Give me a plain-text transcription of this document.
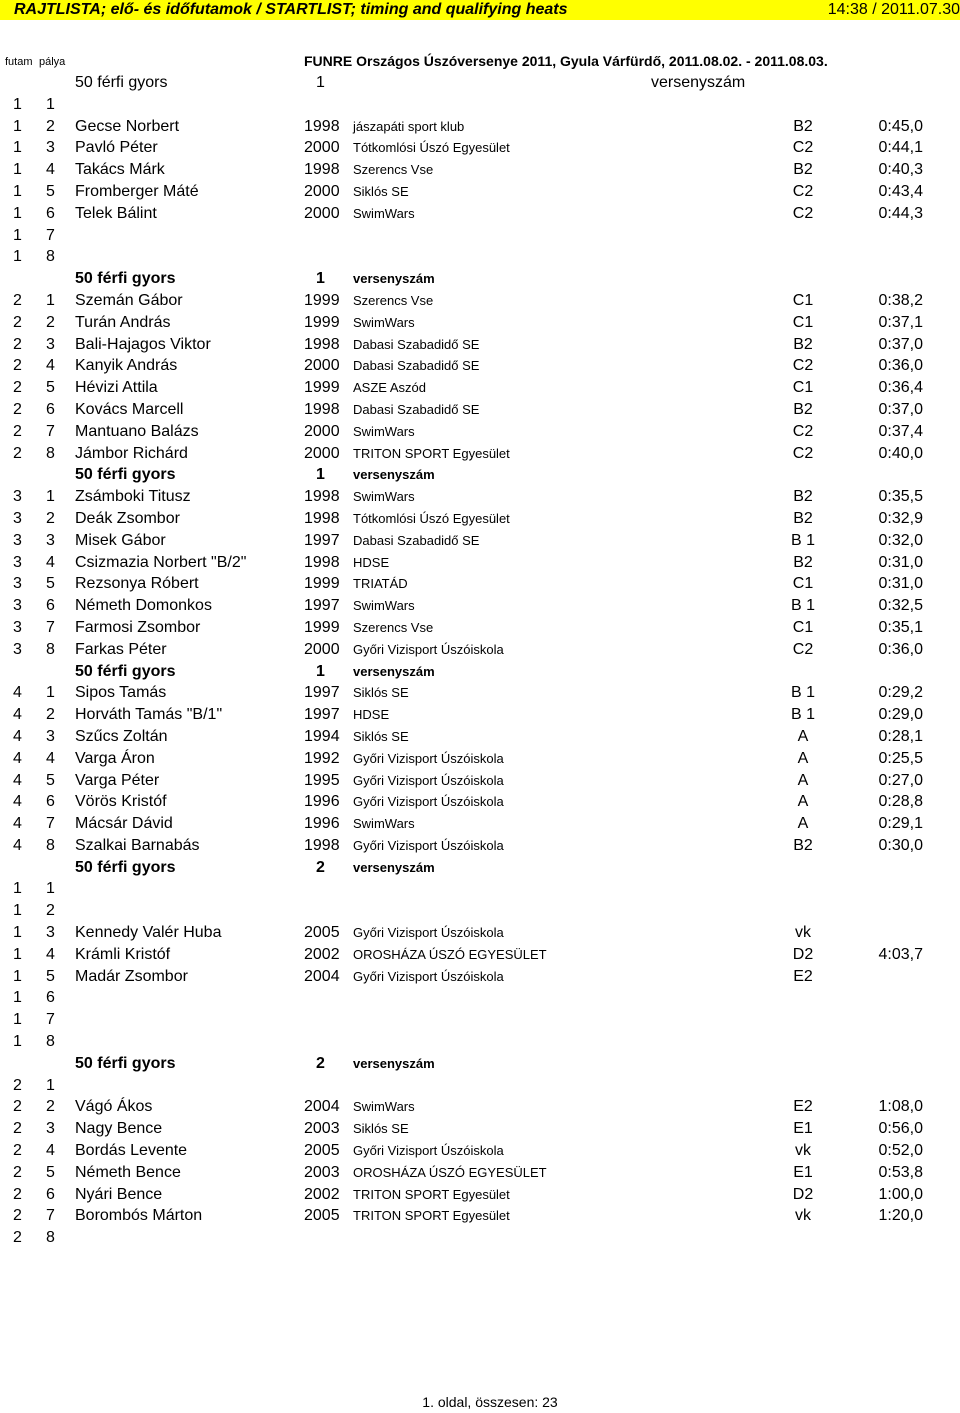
RAJTLISTA; elő- és időfutamok / STARTLIST; timing and qualifying heats	14:38 / 2011.07.30
futam pálya	FUNRE Országos Úszóversenye 2011, Gyula Várfürdő, 2011.08.02. - 2011.08.03.
50 férfi gyors	1	versenyszám
1 1
1 2 Gecse Norbert	1998 jászapáti sport klub	B2	0:45,0
1 3 Pavló Péter	2000 Tótkomlósi Úszó Egyesület	C2	0:44,1
1 4 Takács Márk	1998 Szerencs Vse	B2	0:40,3
1 5 Fromberger Máté	2000 Siklós SE	C2	0:43,4
1 6 Telek Bálint	2000 SwimWars	C2	0:44,3
1 7
1 8
50 férfi gyors	1 versenyszám
2 1 Szemán Gábor	1999 Szerencs Vse	C1	0:38,2
2 2 Turán András	1999 SwimWars	C1	0:37,1
2 3 Bali-Hajagos Viktor	1998 Dabasi Szabadidő SE	B2	0:37,0
2 4 Kanyik András	2000 Dabasi Szabadidő SE	C2	0:36,0
2 5 Hévizi Attila	1999 ASZE Aszód	C1	0:36,4
2 6 Kovács Marcell	1998 Dabasi Szabadidő SE	B2	0:37,0
2 7 Mantuano Balázs	2000 SwimWars	C2	0:37,4
2 8 Jámbor Richárd	2000 TRITON SPORT Egyesület	C2	0:40,0
50 férfi gyors	1 versenyszám
3 1 Zsámboki Titusz	1998 SwimWars	B2	0:35,5
3 2 Deák Zsombor	1998 Tótkomlósi Úszó Egyesület	B2	0:32,9
3 3 Misek Gábor	1997 Dabasi Szabadidő SE	B 1	0:32,0
3 4 Csizmazia Norbert "B/2"	1998 HDSE	B2	0:31,0
3 5 Rezsonya Róbert	1999 TRIATÁD	C1	0:31,0
3 6 Németh Domonkos	1997 SwimWars	B 1	0:32,5
3 7 Farmosi Zsombor	1999 Szerencs Vse	C1	0:35,1
3 8 Farkas Péter	2000 Győri Vizisport Úszóiskola	C2	0:36,0
50 férfi gyors	1 versenyszám
4 1 Sipos Tamás	1997 Siklós SE	B 1	0:29,2
4 2 Horváth Tamás "B/1"	1997 HDSE	B 1	0:29,0
4 3 Szűcs Zoltán	1994 Siklós SE	A	0:28,1
4 4 Varga Áron	1992 Győri Vizisport Úszóiskola	A	0:25,5
4 5 Varga Péter	1995 Győri Vizisport Úszóiskola	A	0:27,0
4 6 Vörös Kristóf	1996 Győri Vizisport Úszóiskola	A	0:28,8
4 7 Mácsár Dávid	1996 SwimWars	A	0:29,1
4 8 Szalkai Barnabás	1998 Győri Vizisport Úszóiskola	B2	0:30,0
50 férfi gyors	2 versenyszám
1 1
1 2
1 3 Kennedy Valér Huba	2005 Győri Vizisport Úszóiskola	vk
1 4 Krámli Kristóf	2002 OROSHÁZA ÚSZÓ EGYESÜLET	D2	4:03,7
1 5 Madár Zsombor	2004 Győri Vizisport Úszóiskola	E2
1 6
1 7
1 8
50 férfi gyors	2 versenyszám
2 1
2 2 Vágó Ákos	2004 SwimWars	E2	1:08,0
2 3 Nagy Bence	2003 Siklós SE	E1	0:56,0
2 4 Bordás Levente	2005 Győri Vizisport Úszóiskola	vk	0:52,0
2 5 Németh Bence	2003 OROSHÁZA ÚSZÓ EGYESÜLET	E1	0:53,8
2 6 Nyári Bence	2002 TRITON SPORT Egyesület	D2	1:00,0
2 7 Borombós Márton	2005 TRITON SPORT Egyesület	vk	1:20,0
2 8
1. oldal, összesen: 23
